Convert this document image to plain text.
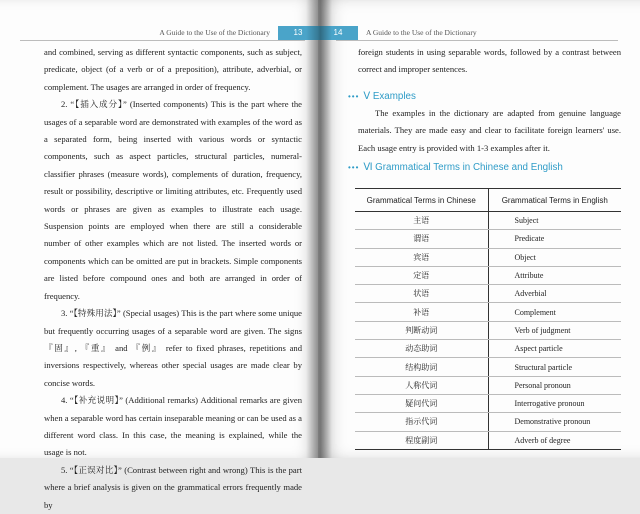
A Guide to the Use of the Dictionary	13

and combined, serving as different syntactic components, such as subject, predicate, object (of a verb or of a preposition), attribute, adverbial, or complement. The usages are arranged in order of frequency.

2. “【插入成分】” (Inserted components) This is the part where the usages of a separable word are demonstrated with examples of the word as a separated form, being inserted with various words or syntactic components, such as aspect particles, structural particles, numeral-classifier phrases (measure words), complements of duration, frequency, result or possibility, descriptive or limiting attributes, etc. Frequently used words or phrases are given as examples to illustrate each usage. Suspension points are employed when there are still a considerable number of other examples which are not listed. The inserted words or components which can be omitted are put in brackets. Simple components are listed before compound ones and both are arranged in order of frequency.

3. “【特殊用法】” (Special usages) This is the part where some unique but frequently occurring usages of a separable word are given. The signs 『固』, 『重』 and 『例』 refer to fixed phrases, repetitions and inversions respectively, whereas other special usages are made clear by concise words.

4. “【补充说明】” (Additional remarks) Additional remarks are given when a separable word has certain inseparable meaning or can be used as a different word class. In this case, the meaning is explained, while the usage is not.

5. “【正误对比】” (Contrast between right and wrong) This is the part where a brief analysis is given on the grammatical errors frequently made by

14	A Guide to the Use of the Dictionary

foreign students in using separable words, followed by a contrast between correct and improper sentences.

••• Ⅴ Examples

The examples in the dictionary are adapted from genuine language materials. They are made easy and clear to facilitate foreign learners' use. Each usage entry is provided with 1-3 examples after it.

••• Ⅵ Grammatical Terms in Chinese and English
Grammatical Terms in Chinese	Grammatical Terms in English
主语	Subject
谓语	Predicate
宾语	Object
定语	Attribute
状语	Adverbial
补语	Complement
判断动词	Verb of judgment
动态助词	Aspect particle
结构助词	Structural particle
人称代词	Personal pronoun
疑问代词	Interrogative pronoun
指示代词	Demonstrative pronoun
程度副词	Adverb of degree
